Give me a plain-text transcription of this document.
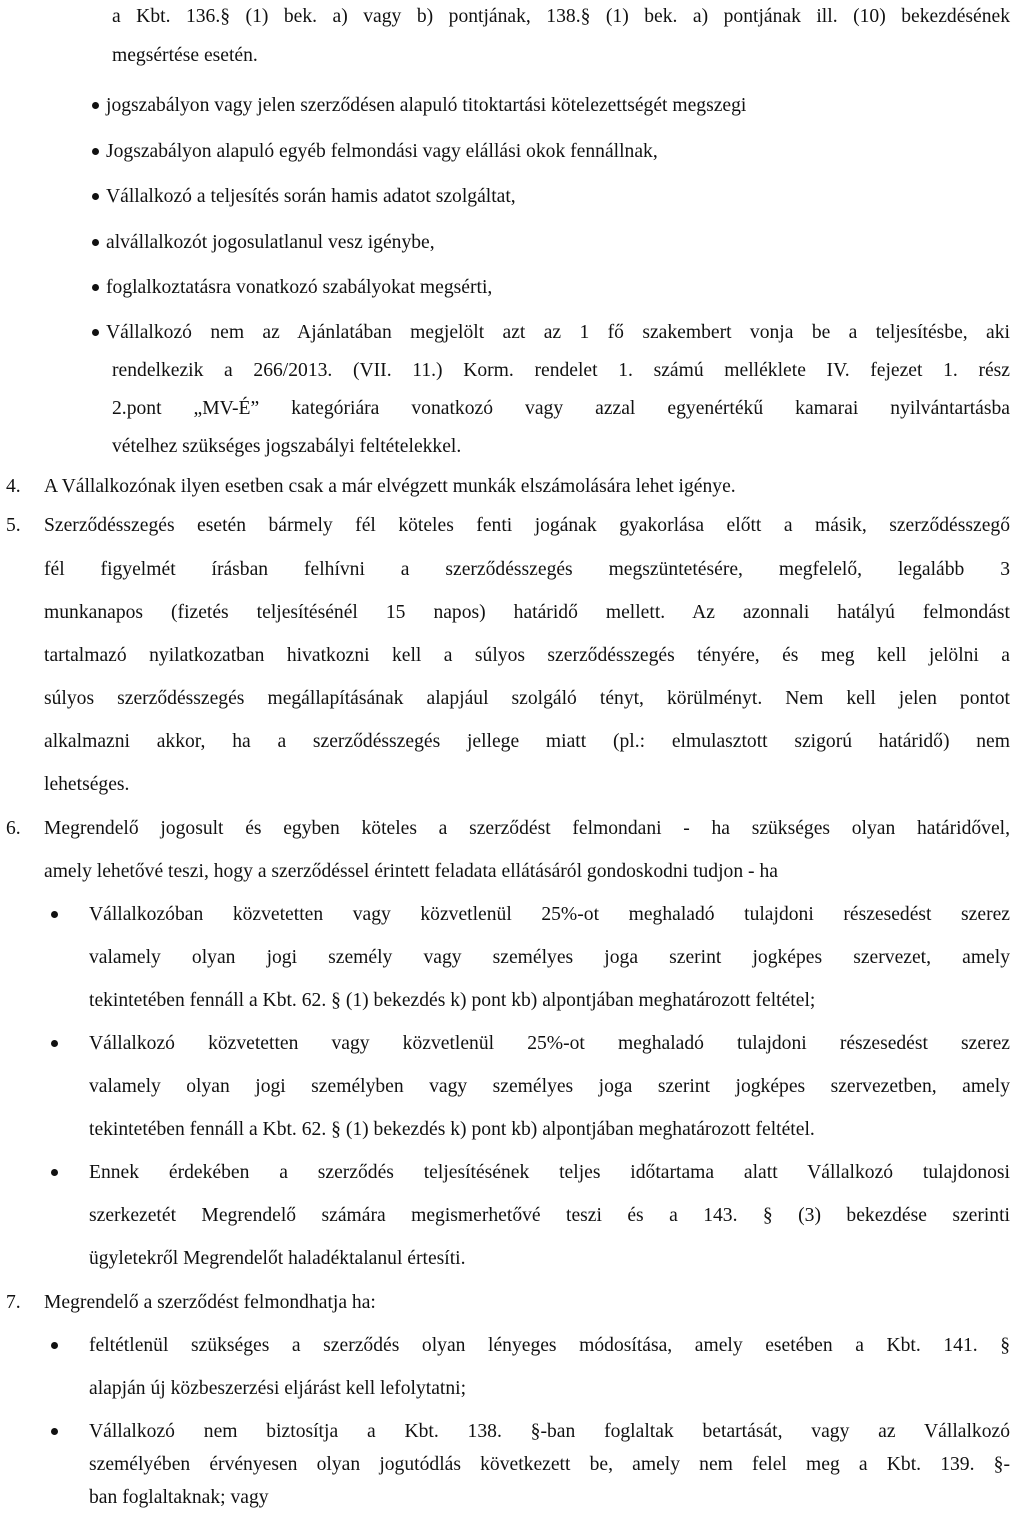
a Kbt. 136.§ (1) bek. a) vagy b) pontjának, 138.§ (1) bek. a) pontjának ill. (10) bekezdésének
megsértése esetén.
jogszabályon vagy jelen szerződésen alapuló titoktartási kötelezettségét megszegi
Jogszabályon alapuló egyéb felmondási vagy elállási okok fennállnak,
Vállalkozó a teljesítés során hamis adatot szolgáltat,
alvállalkozót jogosulatlanul vesz igénybe,
foglalkoztatásra vonatkozó szabályokat megsérti,
Vállalkozó nem az Ajánlatában megjelölt azt az 1 fő szakembert vonja be a teljesítésbe, aki
rendelkezik a 266/2013. (VII. 11.) Korm. rendelet 1. számú melléklete IV. fejezet 1. rész
2.pont „MV-É” kategóriára vonatkozó vagy azzal egyenértékű kamarai nyilvántartásba
vételhez szükséges jogszabályi feltételekkel.
4. A Vállalkozónak ilyen esetben csak a már elvégzett munkák elszámolására lehet igénye.
5. Szerződésszegés esetén bármely fél köteles fenti jogának gyakorlása előtt a másik, szerződésszegő
fél figyelmét írásban felhívni a szerződésszegés megszüntetésére, megfelelő, legalább 3
munkanapos (fizetés teljesítésénél 15 napos) határidő mellett. Az azonnali hatályú felmondást
tartalmazó nyilatkozatban hivatkozni kell a súlyos szerződésszegés tényére, és meg kell jelölni a
súlyos szerződésszegés megállapításának alapjául szolgáló tényt, körülményt. Nem kell jelen pontot
alkalmazni akkor, ha a szerződésszegés jellege miatt (pl.: elmulasztott szigorú határidő) nem
lehetséges.
6. Megrendelő jogosult és egyben köteles a szerződést felmondani - ha szükséges olyan határidővel,
amely lehetővé teszi, hogy a szerződéssel érintett feladata ellátásáról gondoskodni tudjon - ha
Vállalkozóban közvetetten vagy közvetlenül 25%-ot meghaladó tulajdoni részesedést szerez
valamely olyan jogi személy vagy személyes joga szerint jogképes szervezet, amely
tekintetében fennáll a Kbt. 62. § (1) bekezdés k) pont kb) alpontjában meghatározott feltétel;
Vállalkozó közvetetten vagy közvetlenül 25%-ot meghaladó tulajdoni részesedést szerez
valamely olyan jogi személyben vagy személyes joga szerint jogképes szervezetben, amely
tekintetében fennáll a Kbt. 62. § (1) bekezdés k) pont kb) alpontjában meghatározott feltétel.
Ennek érdekében a szerződés teljesítésének teljes időtartama alatt Vállalkozó tulajdonosi
szerkezetét Megrendelő számára megismerhetővé teszi és a 143. § (3) bekezdése szerinti
ügyletekről Megrendelőt haladéktalanul értesíti.
7. Megrendelő a szerződést felmondhatja ha:
feltétlenül szükséges a szerződés olyan lényeges módosítása, amely esetében a Kbt. 141. §
alapján új közbeszerzési eljárást kell lefolytatni;
Vállalkozó nem biztosítja a Kbt. 138. §-ban foglaltak betartását, vagy az Vállalkozó
személyében érvényesen olyan jogutódlás következett be, amely nem felel meg a Kbt. 139. §-
ban foglaltaknak; vagy
